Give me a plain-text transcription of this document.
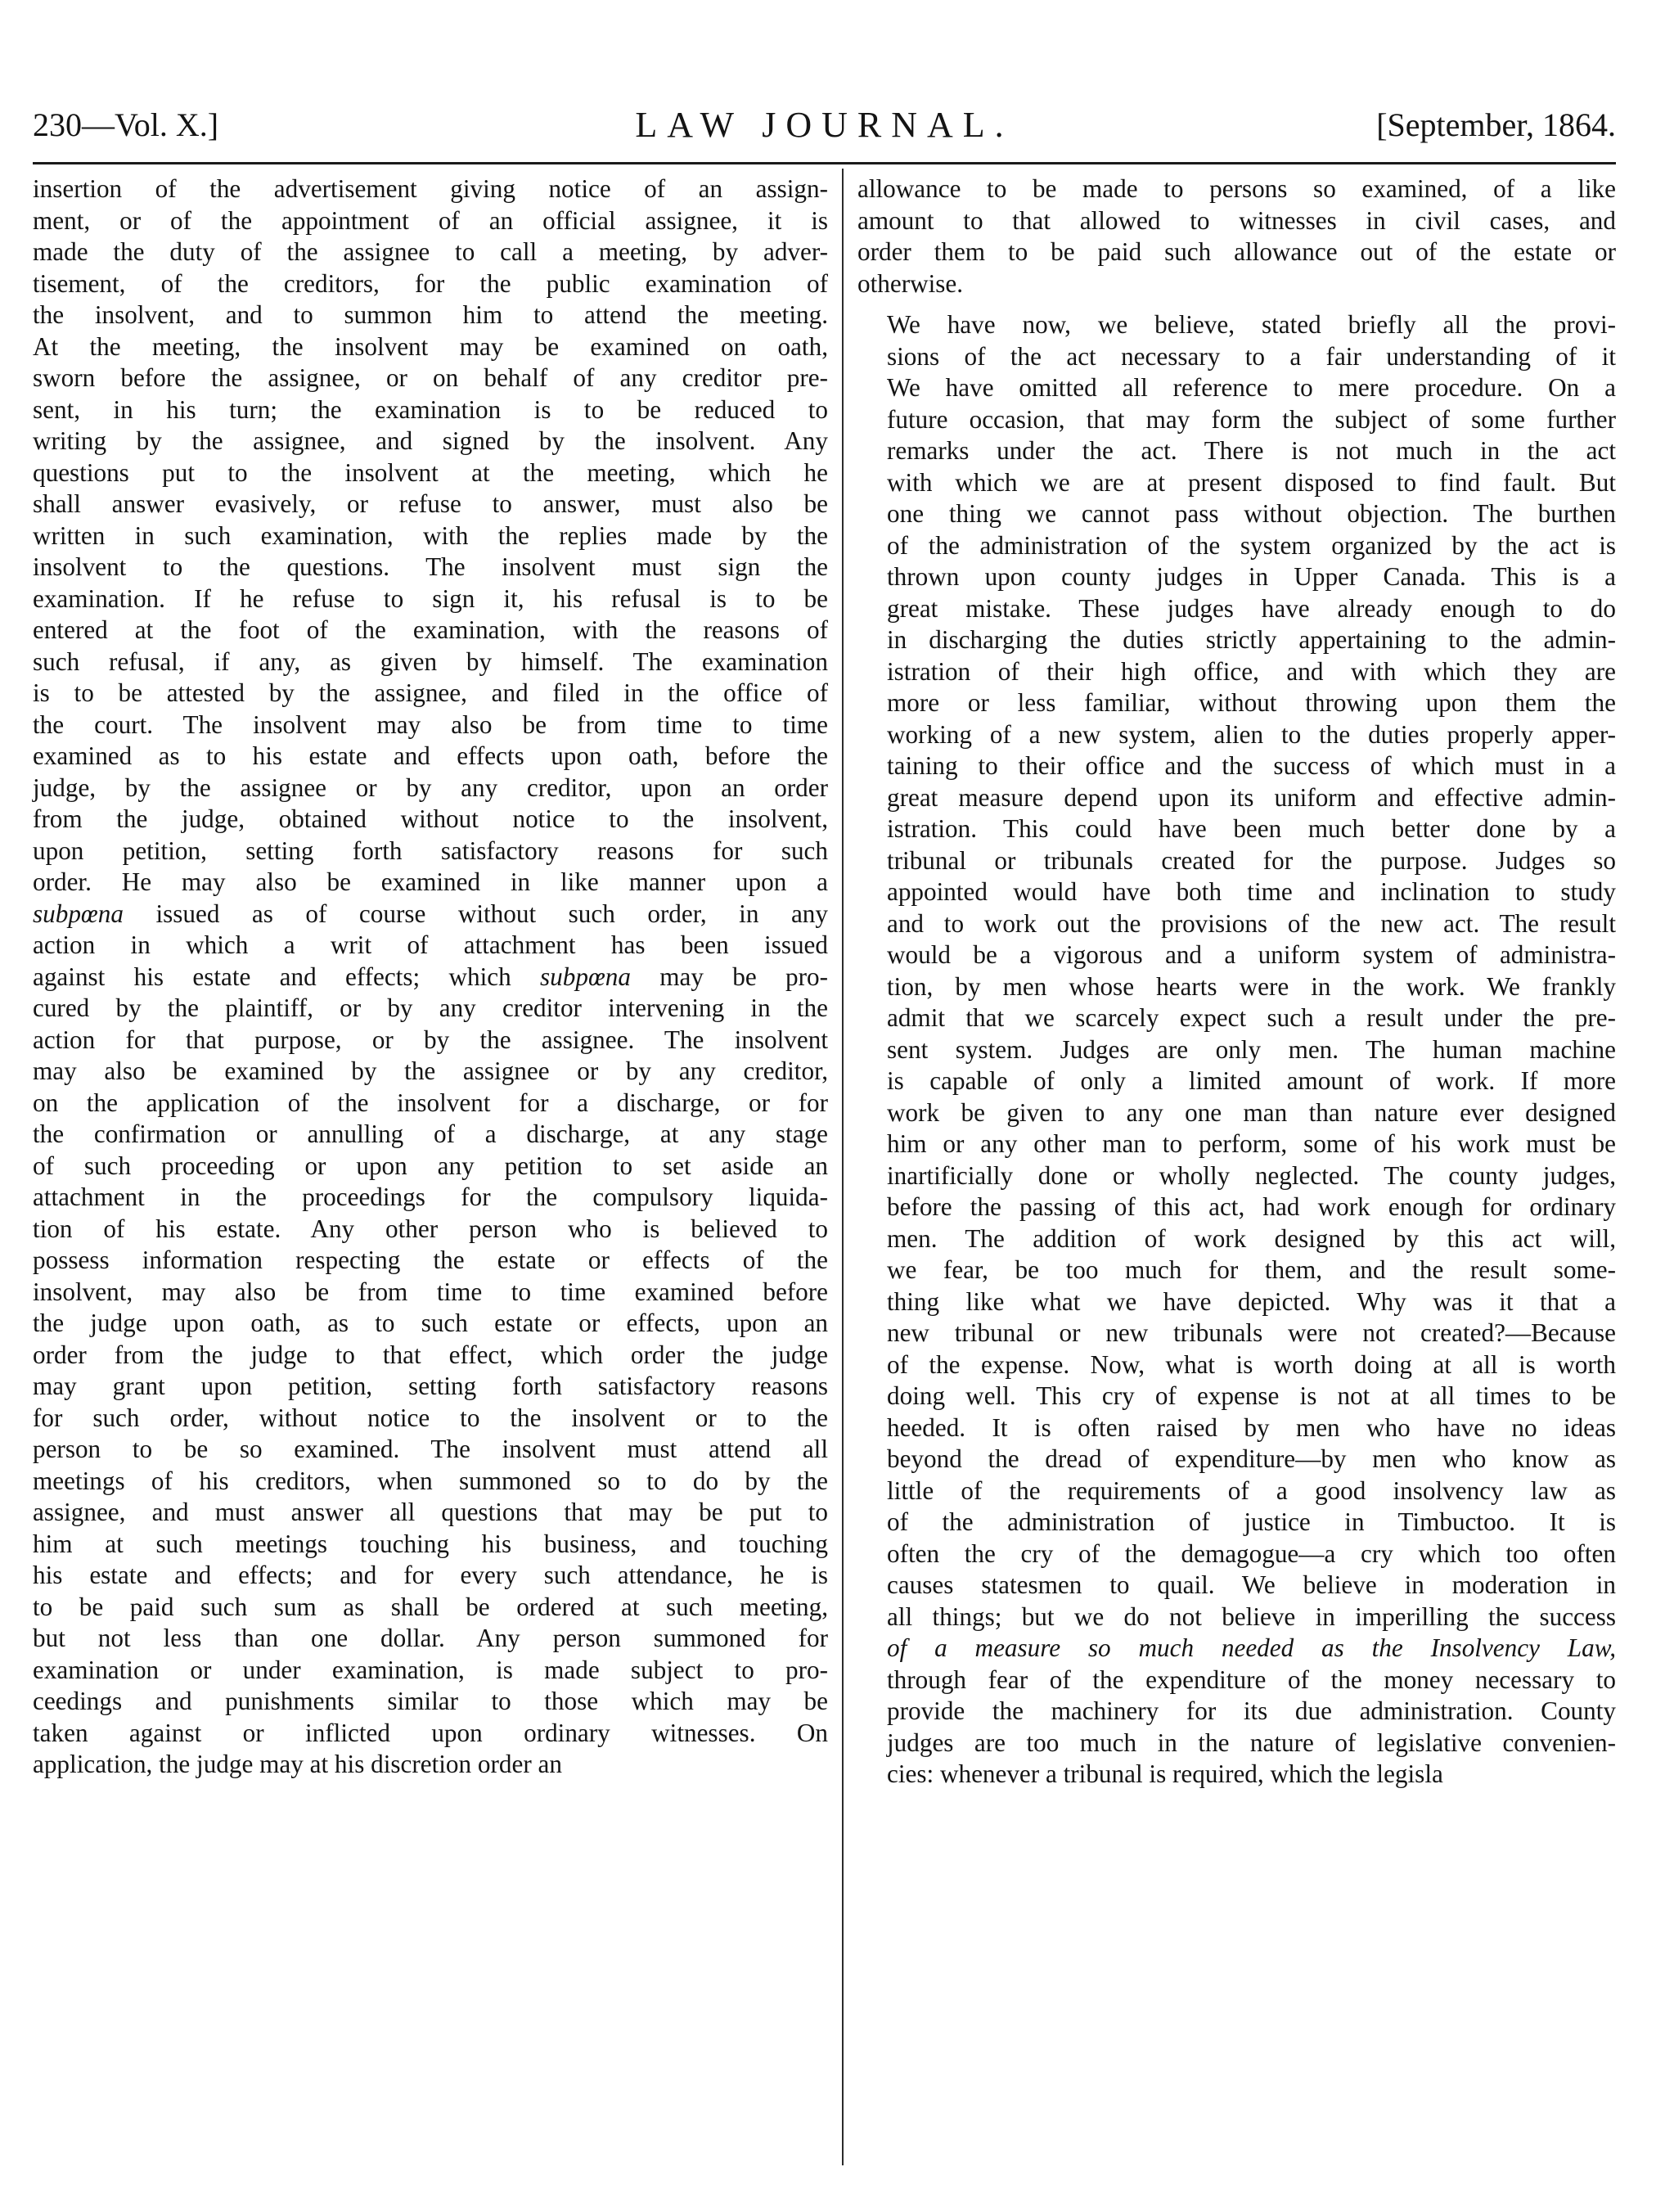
230—Vol. X.]	LAW JOURNAL.	[September, 1864.

insertion of the advertisement giving notice of an assign-
ment, or of the appointment of an official assignee, it is
made the duty of the assignee to call a meeting, by adver-
tisement, of the creditors, for the public examination of
the insolvent, and to summon him to attend the meeting.
At the meeting, the insolvent may be examined on oath,
sworn before the assignee, or on behalf of any creditor pre-
sent, in his turn; the examination is to be reduced to
writing by the assignee, and signed by the insolvent. Any
questions put to the insolvent at the meeting, which he
shall answer evasively, or refuse to answer, must also be
written in such examination, with the replies made by the
insolvent to the questions. The insolvent must sign the
examination. If he refuse to sign it, his refusal is to be
entered at the foot of the examination, with the reasons of
such refusal, if any, as given by himself. The examination
is to be attested by the assignee, and filed in the office of
the court. The insolvent may also be from time to time
examined as to his estate and effects upon oath, before the
judge, by the assignee or by any creditor, upon an order
from the judge, obtained without notice to the insolvent,
upon petition, setting forth satisfactory reasons for such
order. He may also be examined in like manner upon a
subpœna issued as of course without such order, in any
action in which a writ of attachment has been issued
against his estate and effects; which subpœna may be pro-
cured by the plaintiff, or by any creditor intervening in the
action for that purpose, or by the assignee. The insolvent
may also be examined by the assignee or by any creditor,
on the application of the insolvent for a discharge, or for
the confirmation or annulling of a discharge, at any stage
of such proceeding or upon any petition to set aside an
attachment in the proceedings for the compulsory liquida-
tion of his estate. Any other person who is believed to
possess information respecting the estate or effects of the
insolvent, may also be from time to time examined before
the judge upon oath, as to such estate or effects, upon an
order from the judge to that effect, which order the judge
may grant upon petition, setting forth satisfactory reasons
for such order, without notice to the insolvent or to the
person to be so examined. The insolvent must attend all
meetings of his creditors, when summoned so to do by the
assignee, and must answer all questions that may be put to
him at such meetings touching his business, and touching
his estate and effects; and for every such attendance, he is
to be paid such sum as shall be ordered at such meeting,
but not less than one dollar. Any person summoned for
examination or under examination, is made subject to pro-
ceedings and punishments similar to those which may be
taken against or inflicted upon ordinary witnesses. On
application, the judge may at his discretion order an

allowance to be made to persons so examined, of a like
amount to that allowed to witnesses in civil cases, and
order them to be paid such allowance out of the estate or
otherwise.

We have now, we believe, stated briefly all the provi-
sions of the act necessary to a fair understanding of it
We have omitted all reference to mere procedure. On a
future occasion, that may form the subject of some further
remarks under the act. There is not much in the act
with which we are at present disposed to find fault. But
one thing we cannot pass without objection. The burthen
of the administration of the system organized by the act is
thrown upon county judges in Upper Canada. This is a
great mistake. These judges have already enough to do
in discharging the duties strictly appertaining to the admin-
istration of their high office, and with which they are
more or less familiar, without throwing upon them the
working of a new system, alien to the duties properly apper-
taining to their office and the success of which must in a
great measure depend upon its uniform and effective admin-
istration. This could have been much better done by a
tribunal or tribunals created for the purpose. Judges so
appointed would have both time and inclination to study
and to work out the provisions of the new act. The result
would be a vigorous and a uniform system of administra-
tion, by men whose hearts were in the work. We frankly
admit that we scarcely expect such a result under the pre-
sent system. Judges are only men. The human machine
is capable of only a limited amount of work. If more
work be given to any one man than nature ever designed
him or any other man to perform, some of his work must be
inartificially done or wholly neglected. The county judges,
before the passing of this act, had work enough for ordinary
men. The addition of work designed by this act will,
we fear, be too much for them, and the result some-
thing like what we have depicted. Why was it that a
new tribunal or new tribunals were not created?—Because
of the expense. Now, what is worth doing at all is worth
doing well. This cry of expense is not at all times to be
heeded. It is often raised by men who have no ideas
beyond the dread of expenditure—by men who know as
little of the requirements of a good insolvency law as
of the administration of justice in Timbuctoo. It is
often the cry of the demagogue—a cry which too often
causes statesmen to quail. We believe in moderation in
all things; but we do not believe in imperilling the success
of a measure so much needed as the Insolvency Law,
through fear of the expenditure of the money necessary to
provide the machinery for its due administration. County
judges are too much in the nature of legislative convenien-
cies: whenever a tribunal is required, which the legisla
